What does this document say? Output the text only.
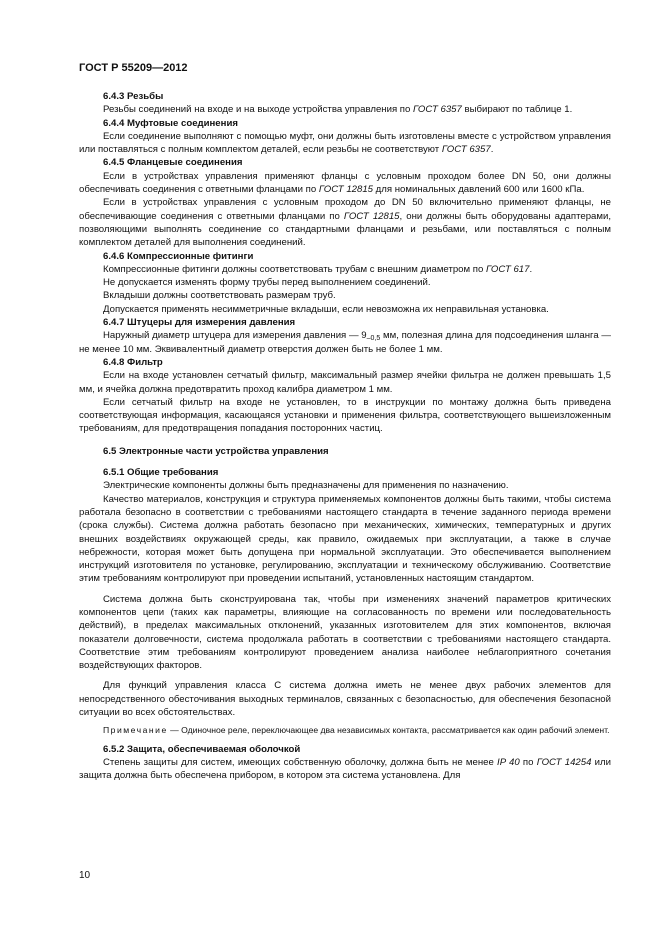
ГОСТ Р 55209—2012

6.4.3 Резьбы

Резьбы соединений на входе и на выходе устройства управления по ГОСТ 6357 выбирают по таблице 1.

6.4.4 Муфтовые соединения

Если соединение выполняют с помощью муфт, они должны быть изготовлены вместе с устройством управления или поставляться с полным комплектом деталей, если резьбы не соответствуют ГОСТ 6357.

6.4.5 Фланцевые соединения

Если в устройствах управления применяют фланцы с условным проходом более DN 50, они должны обеспечивать соединения с ответными фланцами по ГОСТ 12815 для номинальных давлений 600 или 1600 кПа.

Если в устройствах управления с условным проходом до DN 50 включительно применяют фланцы, не обеспечивающие соединения с ответными фланцами по ГОСТ 12815, они должны быть оборудованы адаптерами, позволяющими выполнять соединение со стандартными фланцами и резьбами, или поставляться с полным комплектом деталей для выполнения соединений.

6.4.6 Компрессионные фитинги

Компрессионные фитинги должны соответствовать трубам с внешним диаметром по ГОСТ 617.

Не допускается изменять форму трубы перед выполнением соединений.

Вкладыши должны соответствовать размерам труб.

Допускается применять несимметричные вкладыши, если невозможна их неправильная установка.

6.4.7 Штуцеры для измерения давления

Наружный диаметр штуцера для измерения давления — $9_{-0,5}$ мм, полезная длина для подсоединения шланга — не менее 10 мм. Эквивалентный диаметр отверстия должен быть не более 1 мм.

6.4.8 Фильтр

Если на входе установлен сетчатый фильтр, максимальный размер ячейки фильтра не должен превышать 1,5 мм, и ячейка должна предотвратить проход калибра диаметром 1 мм.

Если сетчатый фильтр на входе не установлен, то в инструкции по монтажу должна быть приведена соответствующая информация, касающаяся установки и применения фильтра, соответствующего вышеизложенным требованиям, для предотвращения попадания посторонних частиц.

6.5 Электронные части устройства управления

6.5.1 Общие требования

Электрические компоненты должны быть предназначены для применения по назначению.

Качество материалов, конструкция и структура применяемых компонентов должны быть такими, чтобы система работала безопасно в соответствии с требованиями настоящего стандарта в течение заданного периода времени (срока службы). Система должна работать безопасно при механических, химических, температурных и других внешних воздействиях окружающей среды, как правило, ожидаемых при эксплуатации, а также в случае небрежности, которая может быть допущена при нормальной эксплуатации. Это обеспечивается выполнением инструкций изготовителя по установке, регулированию, эксплуатации и техническому обслуживанию. Соответствие этим требованиям контролируют при проведении испытаний, установленных настоящим стандартом.

Система должна быть сконструирована так, чтобы при изменениях значений параметров критических компонентов цепи (таких как параметры, влияющие на согласованность по времени или последовательность действий), в пределах максимальных отклонений, указанных изготовителем для этих компонентов, включая показатели долговечности, система продолжала работать в соответствии с требованиями настоящего стандарта. Соответствие этим требованиям контролируют проведением анализа наиболее неблагоприятного сочетания воздействующих факторов.

Для функций управления класса С система должна иметь не менее двух рабочих элементов для непосредственного обесточивания выходных терминалов, связанных с безопасностью, для обеспечения безопасной ситуации во всех обстоятельствах.

Примечание — Одиночное реле, переключающее два независимых контакта, рассматривается как один рабочий элемент.

6.5.2 Защита, обеспечиваемая оболочкой

Степень защиты для систем, имеющих собственную оболочку, должна быть не менее IP 40 по ГОСТ 14254 или защита должна быть обеспечена прибором, в котором эта система установлена. Для

10
